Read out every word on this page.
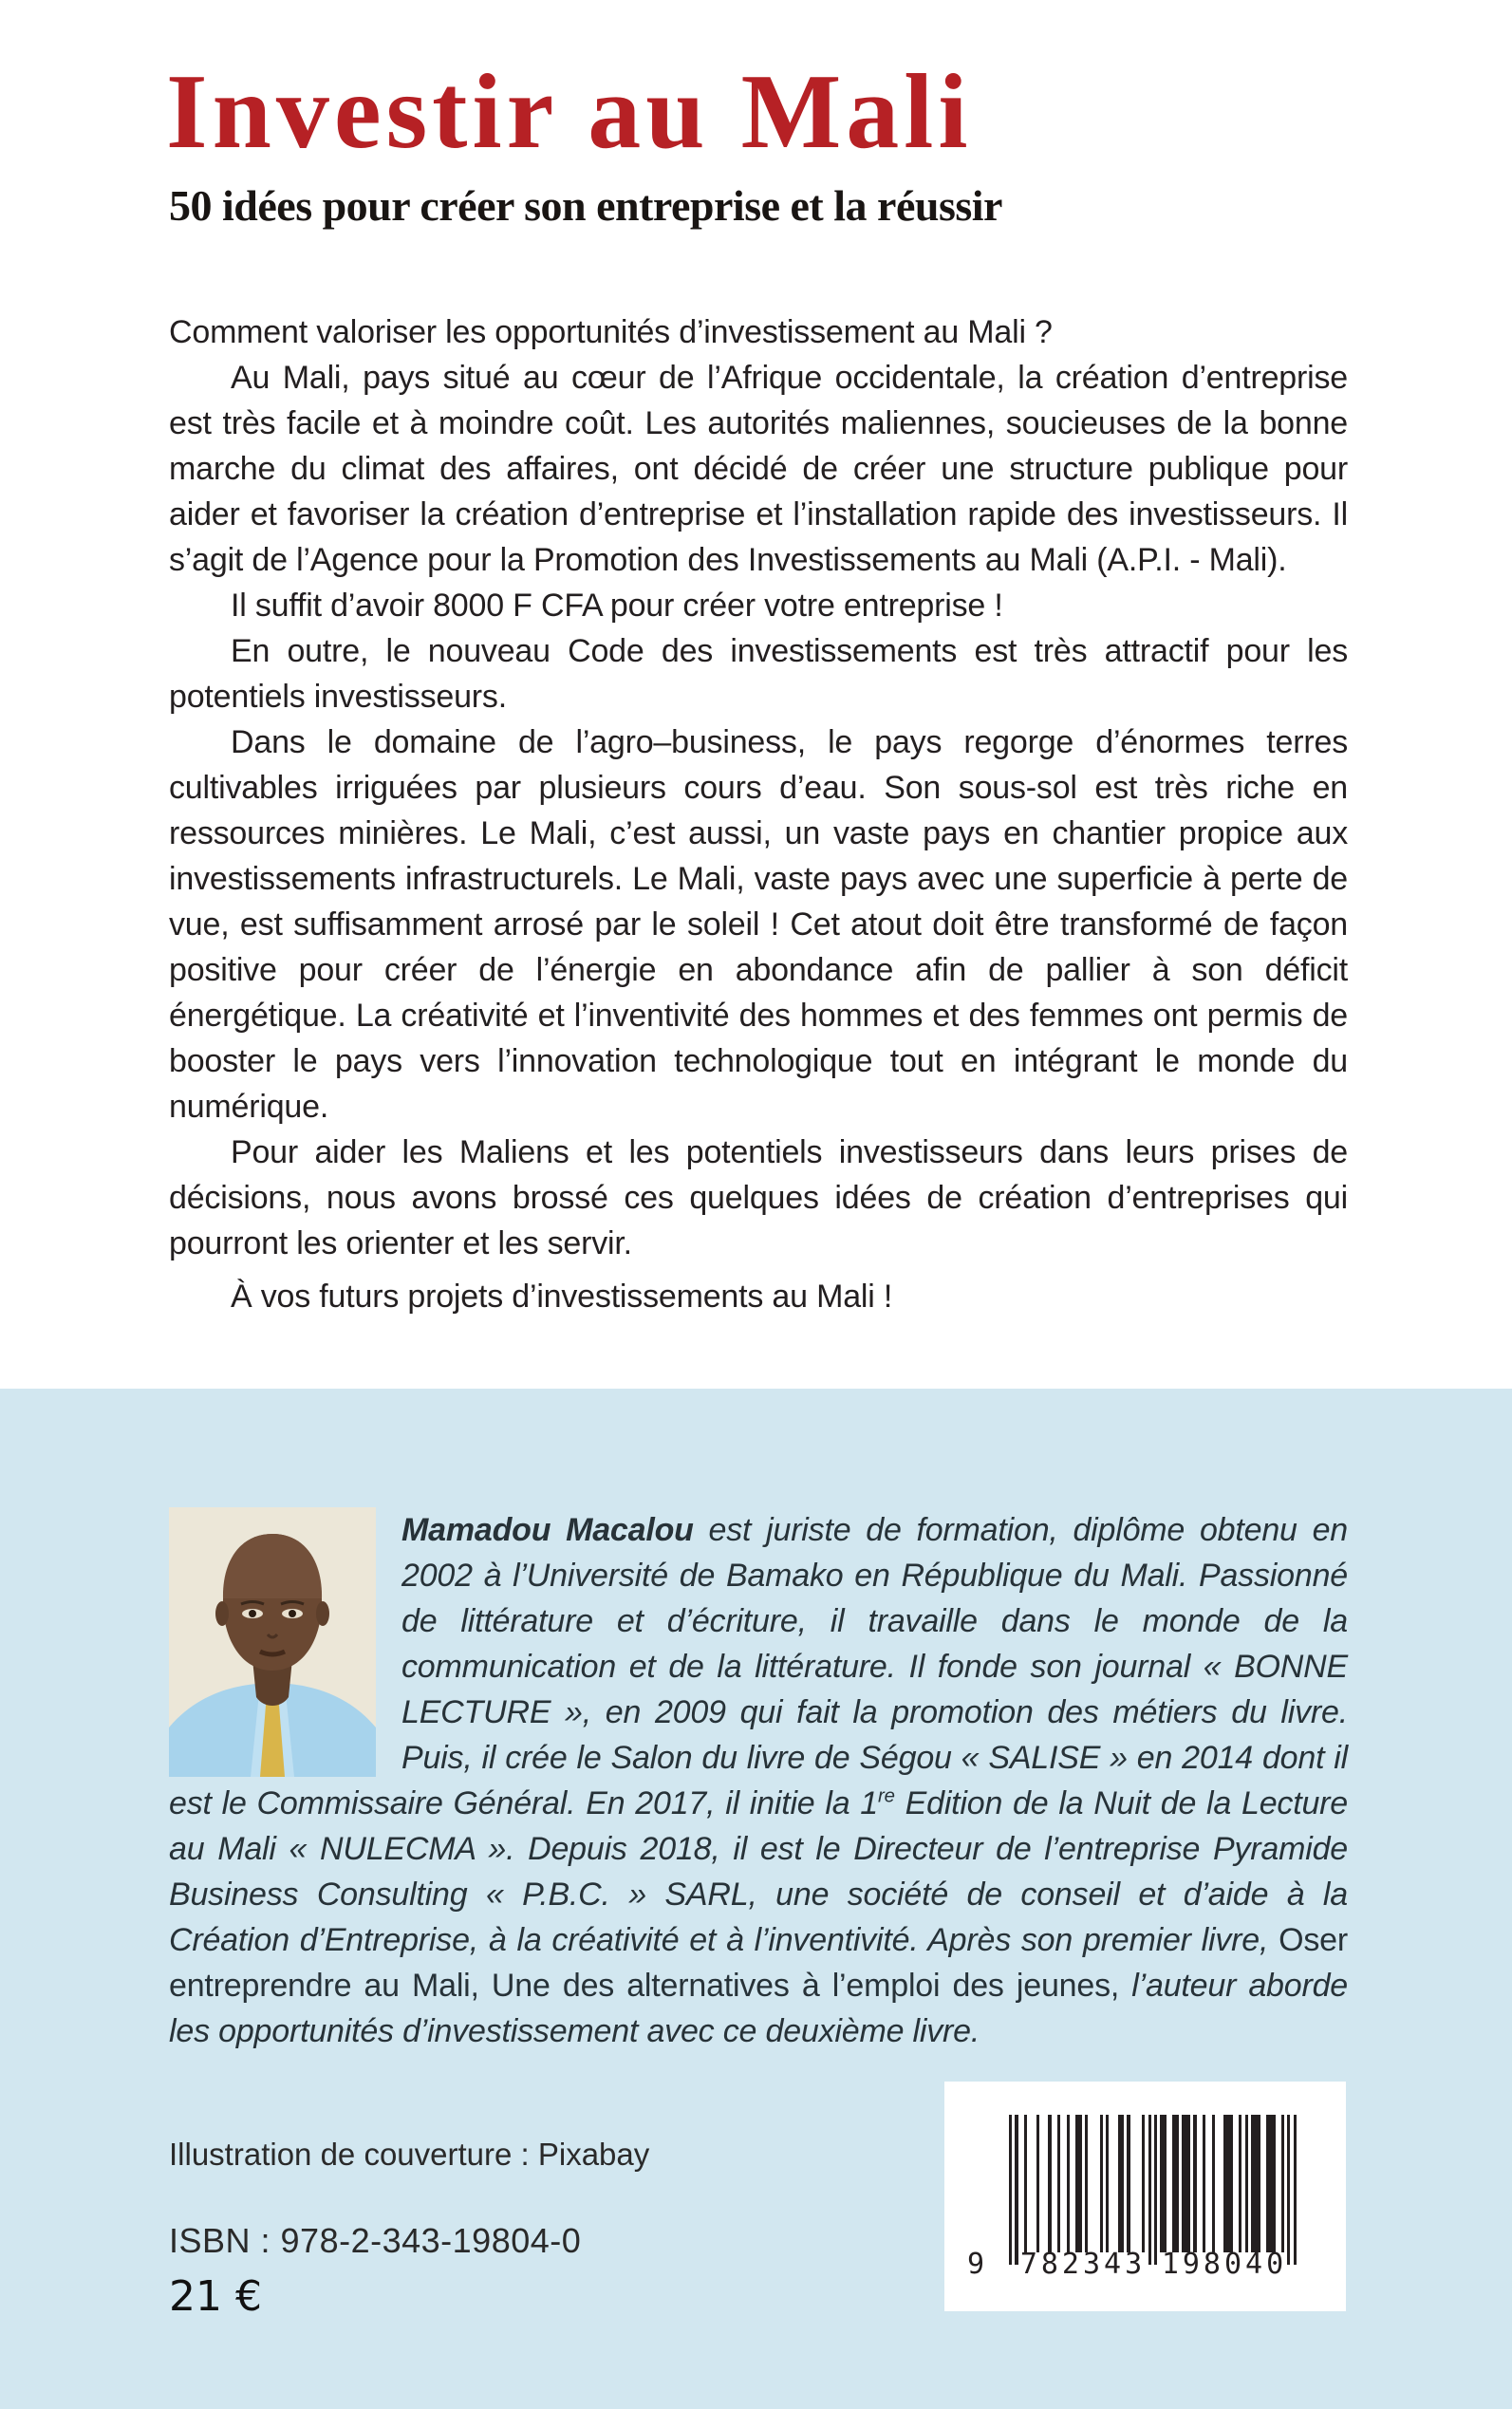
Investir au Mali
50 idées pour créer son entreprise et la réussir

Comment valoriser les opportunités d’investissement au Mali ?

Au Mali, pays situé au cœur de l’Afrique occidentale, la création d’entreprise est très facile et à moindre coût. Les autorités maliennes, soucieuses de la bonne marche du climat des affaires, ont décidé de créer une structure publique pour aider et favoriser la création d’entreprise et l’installation rapide des investisseurs. Il s’agit de l’Agence pour la Promotion des Investissements au Mali (A.P.I. - Mali).

Il suffit d’avoir 8000 F CFA pour créer votre entreprise !

En outre, le nouveau Code des investissements est très attractif pour les potentiels investisseurs.

Dans le domaine de l’agro–business, le pays regorge d’énormes terres cultivables irriguées par plusieurs cours d’eau. Son sous-sol est très riche en ressources minières. Le Mali, c’est aussi, un vaste pays en chantier propice aux investissements infrastructurels. Le Mali, vaste pays avec une superficie à perte de vue, est suffisamment arrosé par le soleil ! Cet atout doit être transformé de façon positive pour créer de l’énergie en abondance afin de pallier à son déficit énergétique. La créativité et l’inventivité des hommes et des femmes ont permis de booster le pays vers l’innovation technologique tout en intégrant le monde du numérique.

Pour aider les Maliens et les potentiels investisseurs dans leurs prises de décisions, nous avons brossé ces quelques idées de création d’entreprises qui pourront les orienter et les servir.

À vos futurs projets d’investissements au Mali !

Mamadou Macalou est juriste de formation, diplôme obtenu en 2002 à l’Université de Bamako en République du Mali. Passionné de littérature et d’écriture, il travaille dans le monde de la communication et de la littérature. Il fonde son journal « BONNE LECTURE », en 2009 qui fait la promotion des métiers du livre. Puis, il crée le Salon du livre de Ségou « SALISE » en 2014 dont il est le Commissaire Général. En 2017, il initie la 1re Edition de la Nuit de la Lecture au Mali « NULECMA ». Depuis 2018, il est le Directeur de l’entreprise Pyramide Business Consulting « P.B.C. » SARL, une société de conseil et d’aide à la Création d’Entreprise, à la créativité et à l’inventivité. Après son premier livre, Oser entreprendre au Mali, Une des alternatives à l’emploi des jeunes, l’auteur aborde les opportunités d’investissement avec ce deuxième livre.

Illustration de couverture : Pixabay
ISBN : 978-2-343-19804-0
21 €
9 782343 198040
